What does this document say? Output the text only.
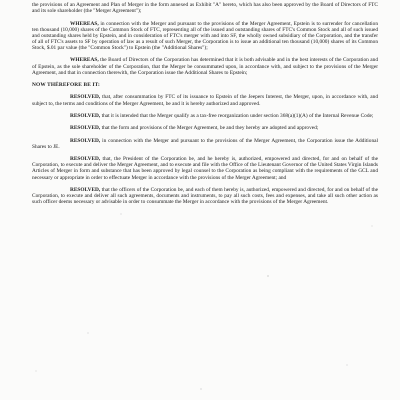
the provisions of an Agreement and Plan of Merger in the form annexed as Exhibit "A" hereto, which has also been approved by the Board of Directors of FTC and its sole shareholder (the "Merger Agreement");

WHEREAS, in connection with the Merger and pursuant to the provisions of the Merger Agreement, Epstein is to surrender for cancellation ten thousand (10,000) shares of the Common Stock of FTC, representing all of the issued and outstanding shares of FTC's Common Stock and all of such issued and outstanding shares held by Epstein, and in consideration of FTC's merger with and into SF, the wholly owned subsidiary of the Corporation, and the transfer of all of FTC's assets to SF by operation of law as a result of such Merger, the Corporation is to issue an additional ten thousand (10,000) shares of its Common Stock, $.01 par value (the "Common Stock") to Epstein (the "Additional Shares");

WHEREAS, the Board of Directors of the Corporation has determined that it is both advisable and in the best interests of the Corporation and of Epstein, as the sole shareholder of the Corporation, that the Merger be consummated upon, in accordance with, and subject to the provisions of the Merger Agreement, and that in connection therewith, the Corporation issue the Additional Shares to Epstein;

NOW THEREFORE BE IT:

RESOLVED, that, after consummation by FTC of its issuance to Epstein of the Jeepers Interest, the Merger, upon, in accordance with, and subject to, the terms and conditions of the Merger Agreement, be and it is hereby authorized and approved.

RESOLVED, that it is intended that the Merger qualify as a tax-free reorganization under section 368(a)(1)(A) of the Internal Revenue Code;

RESOLVED, that the form and provisions of the Merger Agreement, be and they hereby are adopted and approved;

RESOLVED, in connection with the Merger and pursuant to the provisions of the Merger Agreement, the Corporation issue the Additional Shares to JE.

RESOLVED, that, the President of the Corporation be, and he hereby is, authorized, empowered and directed, for and on behalf of the Corporation, to execute and deliver the Merger Agreement, and to execute and file with the Office of the Lieutenant Governor of the United States Virgin Islands Articles of Merger in form and substance that has been approved by legal counsel to the Corporation as being compliant with the requirements of the GCL and necessary or appropriate in order to effectuate Merger in accordance with the provisions of the Merger Agreement; and

RESOLVED, that the officers of the Corporation be, and each of them hereby is, authorized, empowered and directed, for and on behalf of the Corporation, to execute and deliver all such agreements, documents and instruments, to pay all such costs, fees and expenses, and take all such other action as such officer deems necessary or advisable in order to consummate the Merger in accordance with the provisions of the Merger Agreement.
